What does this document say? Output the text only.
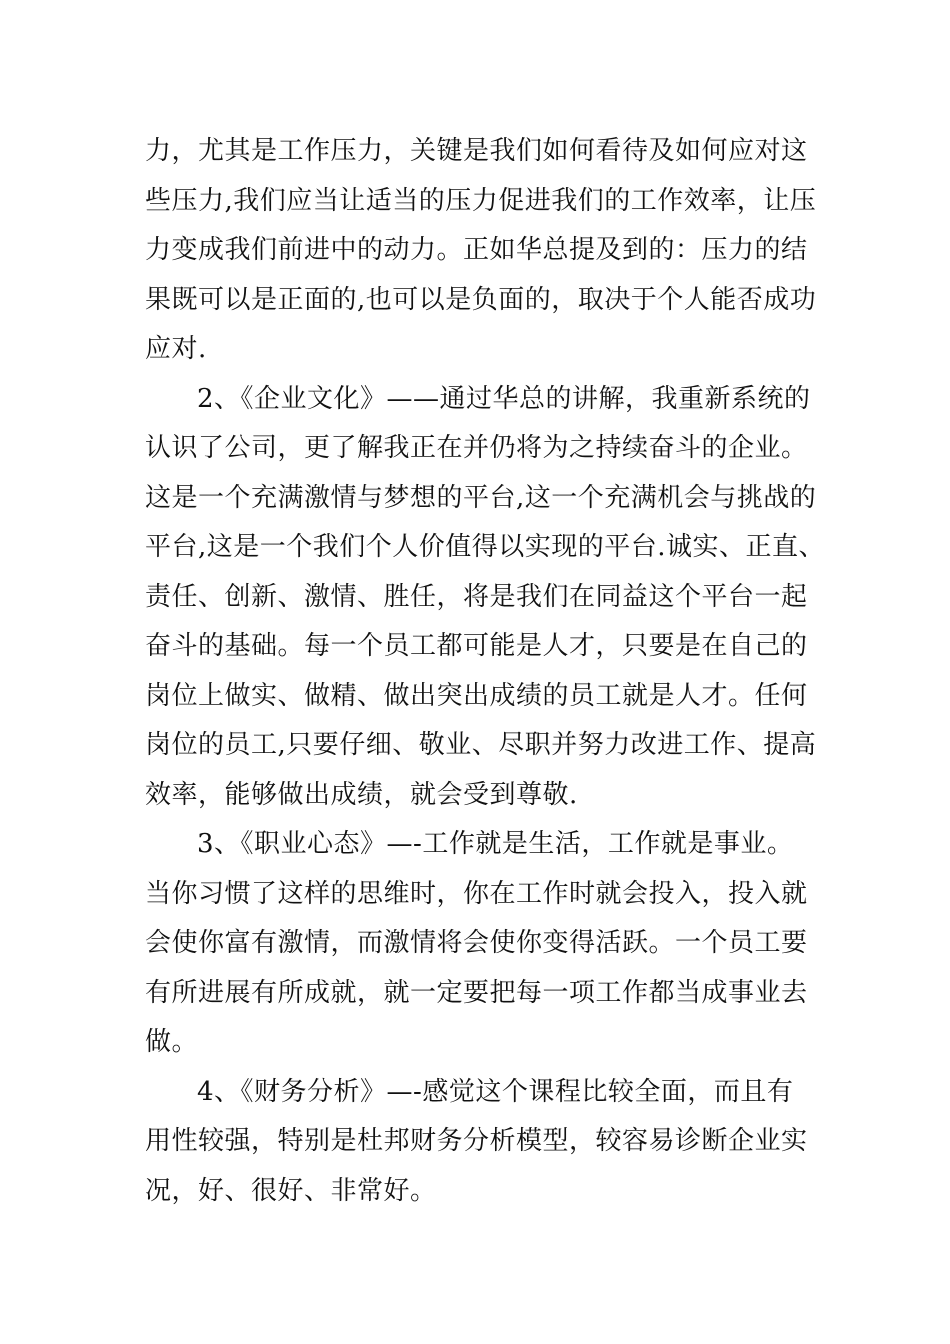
力，尤其是工作压力，关键是我们如何看待及如何应对这
些压力,我们应当让适当的压力促进我们的工作效率，让压
力变成我们前进中的动力。正如华总提及到的：压力的结
果既可以是正面的,也可以是负面的，取决于个人能否成功
应对.
2、《企业文化》——通过华总的讲解，我重新系统的
认识了公司，更了解我正在并仍将为之持续奋斗的企业。
这是一个充满激情与梦想的平台,这一个充满机会与挑战的
平台,这是一个我们个人价值得以实现的平台.诚实、正直、
责任、创新、激情、胜任，将是我们在同益这个平台一起
奋斗的基础。每一个员工都可能是人才，只要是在自己的
岗位上做实、做精、做出突出成绩的员工就是人才。任何
岗位的员工,只要仔细、敬业、尽职并努力改进工作、提高
效率，能够做出成绩，就会受到尊敬.
3、《职业心态》—-工作就是生活，工作就是事业。
当你习惯了这样的思维时，你在工作时就会投入，投入就
会使你富有激情，而激情将会使你变得活跃。一个员工要
有所进展有所成就，就一定要把每一项工作都当成事业去
做。
4、《财务分析》—-感觉这个课程比较全面，而且有
用性较强，特别是杜邦财务分析模型，较容易诊断企业实
况，好、很好、非常好。
